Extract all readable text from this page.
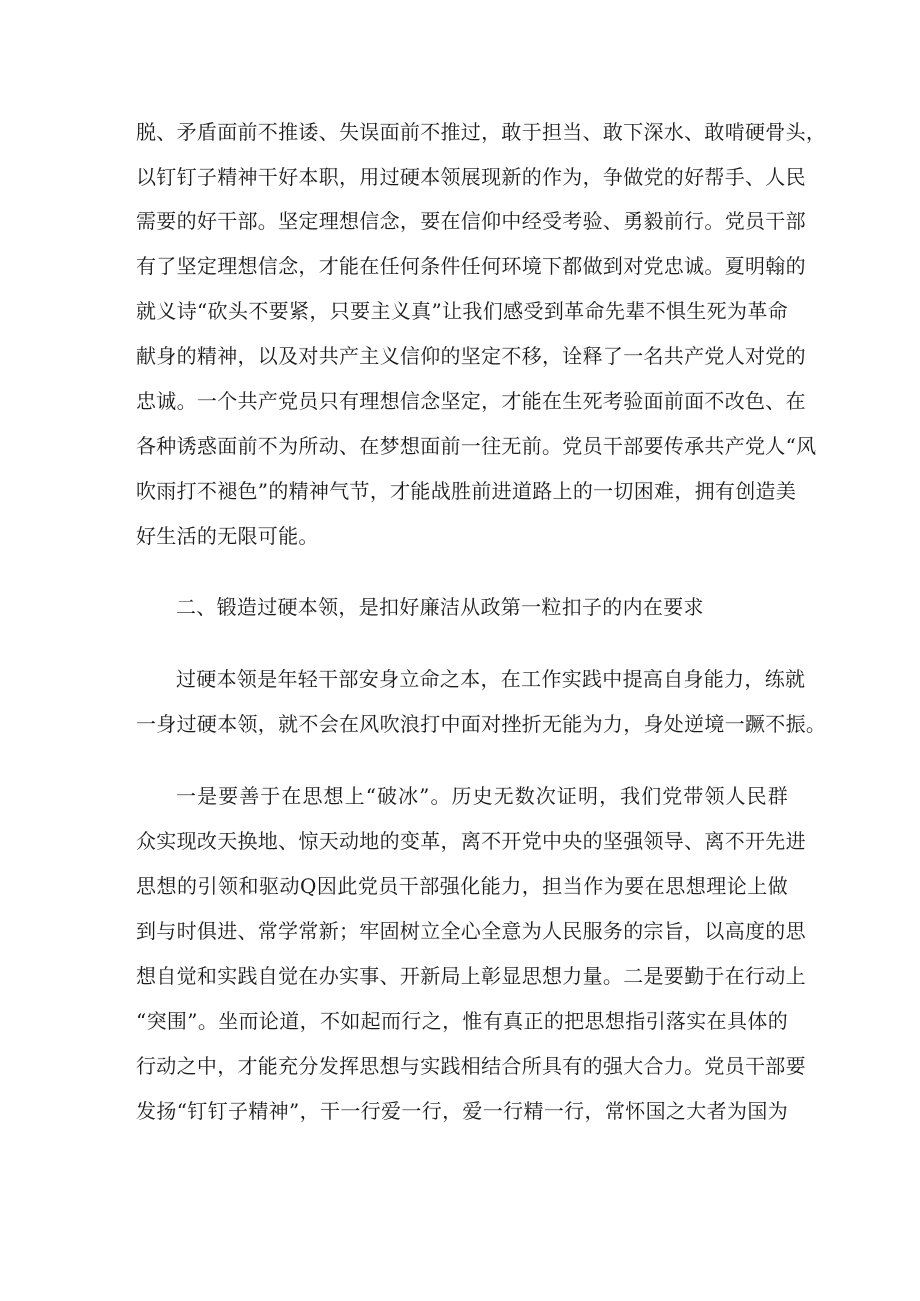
脱、矛盾面前不推诿、失误面前不推过，敢于担当、敢下深水、敢啃硬骨头，

以钉钉子精神干好本职，用过硬本领展现新的作为，争做党的好帮手、人民

需要的好干部。坚定理想信念，要在信仰中经受考验、勇毅前行。党员干部

有了坚定理想信念，才能在任何条件任何环境下都做到对党忠诚。夏明翰的

就义诗“砍头不要紧，只要主义真”让我们感受到革命先辈不惧生死为革命

献身的精神，以及对共产主义信仰的坚定不移，诠释了一名共产党人对党的

忠诚。一个共产党员只有理想信念坚定，才能在生死考验面前面不改色、在

各种诱惑面前不为所动、在梦想面前一往无前。党员干部要传承共产党人“风

吹雨打不褪色”的精神气节，才能战胜前进道路上的一切困难，拥有创造美

好生活的无限可能。

二、锻造过硬本领，是扣好廉洁从政第一粒扣子的内在要求

过硬本领是年轻干部安身立命之本，在工作实践中提高自身能力，练就

一身过硬本领，就不会在风吹浪打中面对挫折无能为力，身处逆境一蹶不振。

一是要善于在思想上“破冰”。历史无数次证明，我们党带领人民群

众实现改天换地、惊天动地的变革，离不开党中央的坚强领导、离不开先进

思想的引领和驱动Q因此党员干部强化能力，担当作为要在思想理论上做

到与时俱进、常学常新；牢固树立全心全意为人民服务的宗旨，以高度的思

想自觉和实践自觉在办实事、开新局上彰显思想力量。二是要勤于在行动上

“突围”。坐而论道，不如起而行之，惟有真正的把思想指引落实在具体的

行动之中，才能充分发挥思想与实践相结合所具有的强大合力。党员干部要

发扬“钉钉子精神”，干一行爱一行，爱一行精一行，常怀国之大者为国为
